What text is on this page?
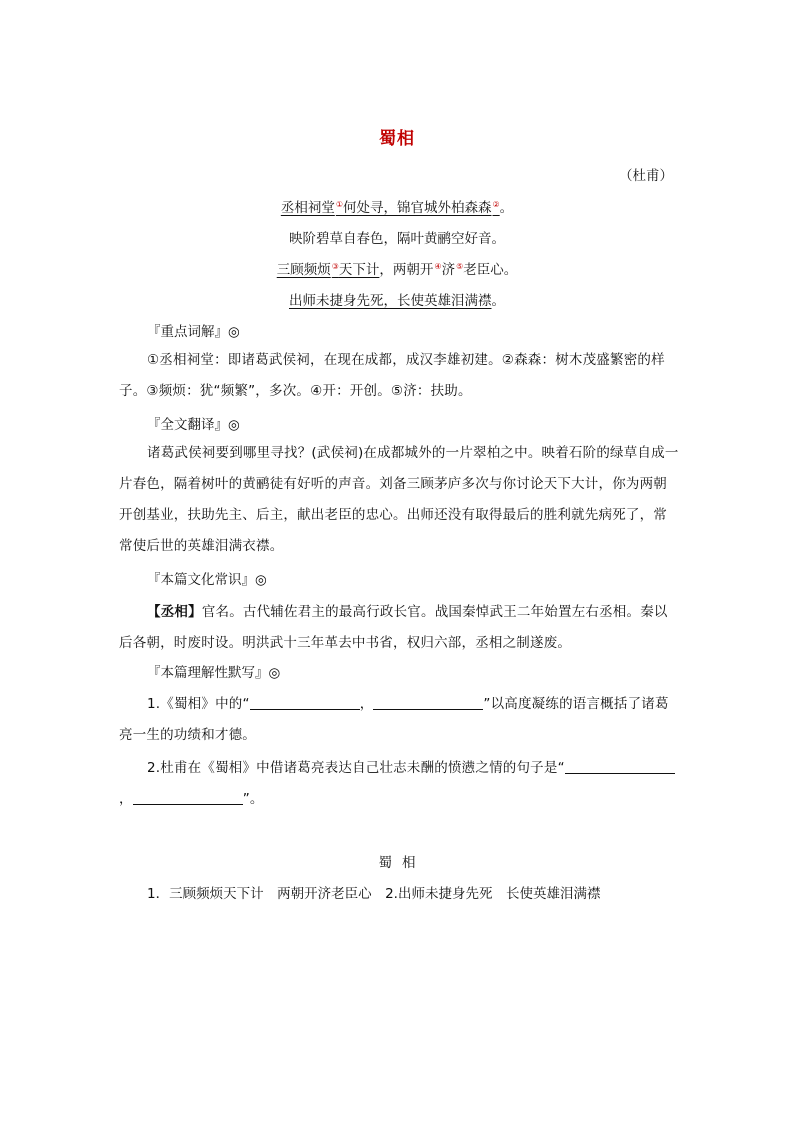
蜀相
（杜甫）
丞相祠堂①何处寻，锦官城外柏森森②。
映阶碧草自春色，隔叶黄鹂空好音。
三顾频烦③天下计，两朝开④济⑤老臣心。
出师未捷身先死，长使英雄泪满襟。
『重点词解』◎
①丞相祠堂：即诸葛武侯祠，在现在成都，成汉李雄初建。②森森：树木茂盛繁密的样子。③频烦：犹“频繁”，多次。④开：开创。⑤济：扶助。
『全文翻译』◎
诸葛武侯祠要到哪里寻找？(武侯祠)在成都城外的一片翠柏之中。映着石阶的绿草自成一片春色，隔着树叶的黄鹂徒有好听的声音。刘备三顾茅庐多次与你讨论天下大计，你为两朝开创基业，扶助先主、后主，献出老臣的忠心。出师还没有取得最后的胜利就先病死了，常常使后世的英雄泪满衣襟。
『本篇文化常识』◎
【丞相】官名。古代辅佐君主的最高行政长官。战国秦悼武王二年始置左右丞相。秦以后各朝，时废时设。明洪武十三年革去中书省，权归六部，丞相之制遂废。
『本篇理解性默写』◎
1.《蜀相》中的“	，	”以高度凝练的语言概括了诸葛亮一生的功绩和才德。
2.杜甫在《蜀相》中借诸葛亮表达自己壮志未酬的愤懑之情的句子是“，	”。
蜀相
1．三顾频烦天下计　两朝开济老臣心　2.出师未捷身先死　长使英雄泪满襟
